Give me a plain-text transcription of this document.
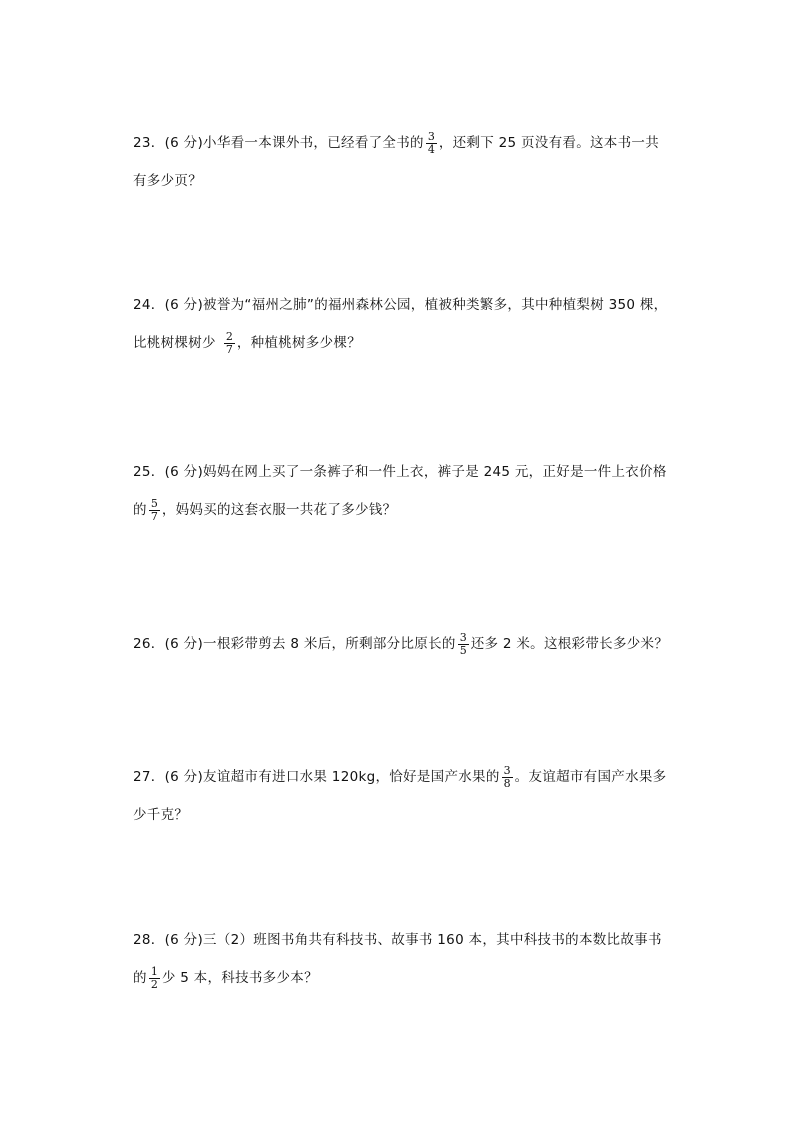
23． (6 分) 小华看一本课外书，已经看了全书的 $\frac{3}{4}$ ，还剩下 25 页没有看。这本书一共
有多少页？
24． (6 分) 被誉为“福州之肺”的福州森林公园，植被种类繁多，其中种植梨树 350 棵，
比桃树棵树少 $\frac{2}{7}$ ，种植桃树多少棵？
25． (6 分) 妈妈在网上买了一条裤子和一件上衣，裤子是 245 元，正好是一件上衣价格
的 $\frac{5}{7}$ ，妈妈买的这套衣服一共花了多少钱？
26． (6 分) 一根彩带剪去 8 米后，所剩部分比原长的 $\frac{3}{5}$ 还多 2 米。这根彩带长多少米？
27． (6 分) 友谊超市有进口水果 120kg，恰好是国产水果的 $\frac{3}{8}$ 。友谊超市有国产水果多
少千克？
28． (6 分) 三（2）班图书角共有科技书、故事书 160 本，其中科技书的本数比故事书
的 $\frac{1}{2}$ 少 5 本，科技书多少本？
